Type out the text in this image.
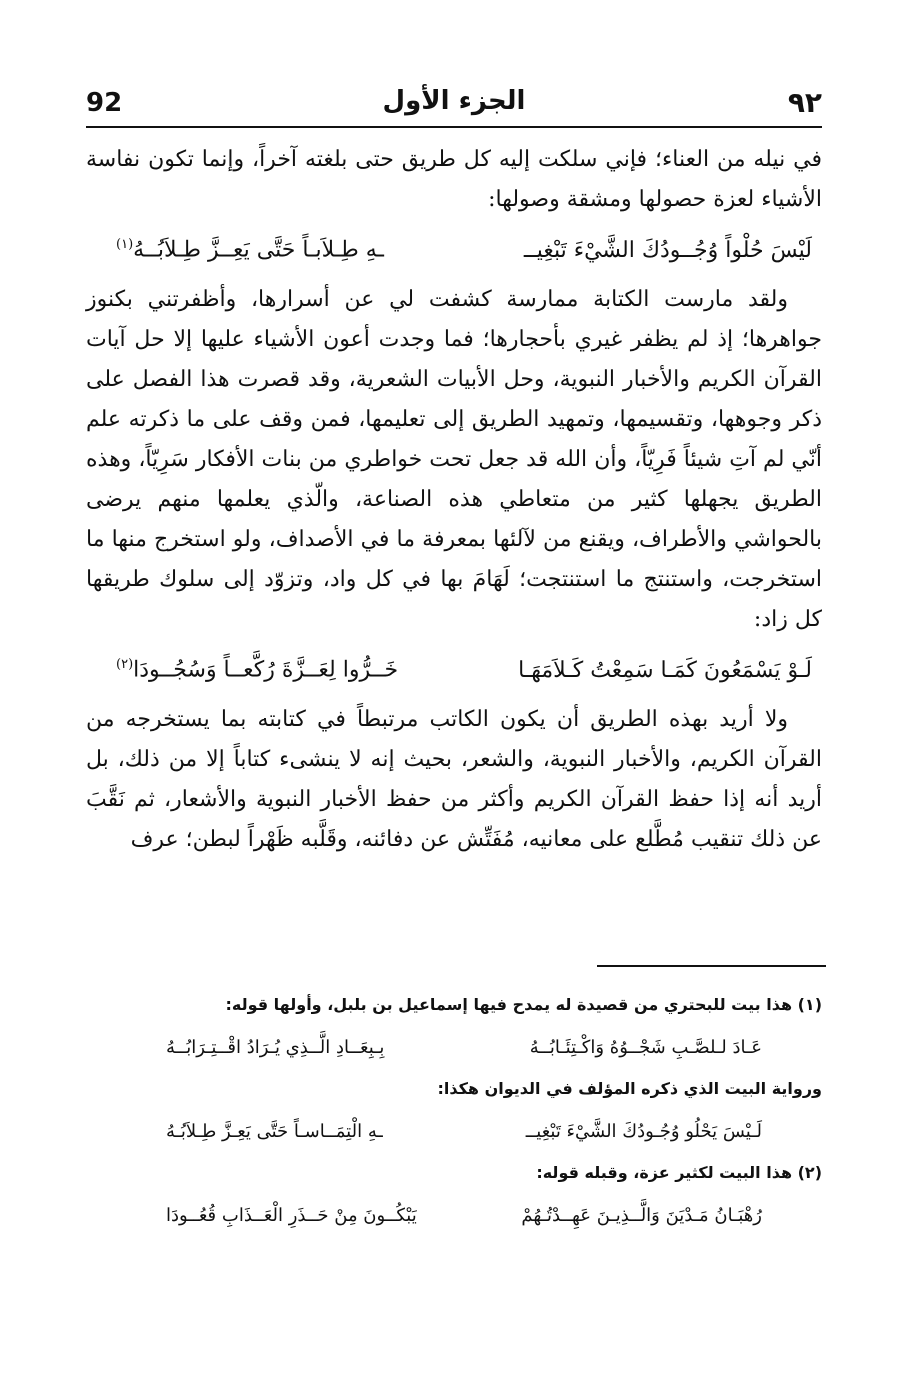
92	الجزء الأول	٩٢

في نيله من العناء؛ فإني سلكت إليه كل طريق حتى بلغته آخراً، وإنما تكون نفاسة الأشياء لعزة حصولها ومشقة وصولها:

لَيْسَ حُلْواً وُجُــودُكَ الشَّيْءَ تَبْغِيــ
ـهِ طِـلاَبـاً حَتَّى يَعِــزَّ طِـلاَبُــهُ$^{(١)}$

ولقد مارست الكتابة ممارسة كشفت لي عن أسرارها، وأظفرتني بكنوز جواهرها؛ إذ لم يظفر غيري بأحجارها؛ فما وجدت أعون الأشياء عليها إلا حل آيات القرآن الكريم والأخبار النبوية، وحل الأبيات الشعرية، وقد قصرت هذا الفصل على ذكر وجوهها، وتقسيمها، وتمهيد الطريق إلى تعليمها، فمن وقف على ما ذكرته علم أنّي لم آتِ شيئاً فَرِيّاً، وأن الله قد جعل تحت خواطري من بنات الأفكار سَرِيّاً، وهذه الطريق يجهلها كثير من متعاطي هذه الصناعة، والّذي يعلمها منهم يرضى بالحواشي والأطراف، ويقنع من لآلئها بمعرفة ما في الأصداف، ولو استخرج منها ما استخرجت، واستنتج ما استنتجت؛ لَهَامَ بها في كل واد، وتزوّد إلى سلوك طريقها كل زاد:

لَـوْ يَسْمَعُونَ كَمَـا سَمِعْتُ كَـلاَمَهَـا
خَــرُّوا لِعَــزَّةَ رُكَّعــاً وَسُجُــودَا$^{(٢)}$

ولا أريد بهذه الطريق أن يكون الكاتب مرتبطاً في كتابته بما يستخرجه من القرآن الكريم، والأخبار النبوية، والشعر، بحيث إنه لا ينشىء كتاباً إلا من ذلك، بل أريد أنه إذا حفظ القرآن الكريم وأكثر من حفظ الأخبار النبوية والأشعار، ثم نَقَّبَ عن ذلك تنقيب مُطَّلع على معانيه، مُفَتِّش عن دفائنه، وقَلَّبه ظَهْراً لبطن؛ عرف

(١) هذا بيت للبحتري من قصيدة له يمدح فيها إسماعيل بن بلبل، وأولها قوله:

عَـادَ لـلصَّـبِ شَجْــوُهُ وَاكْـتِئَـابُــهُ
بِـبِعَــادِ الَّــذِي يُـرَادُ اقْــتِـرَابُــهُ

ورواية البيت الذي ذكره المؤلف في الديوان هكذا:

لَـيْسَ يَحْلُو وُجُـودُكَ الشَّيْءَ تَبْغِيــ
ـهِ الْتِمَــاسـاً حَتَّى يَعِـزَّ طِـلاَبُـهُ

(٢) هذا البيت لكثير عزة، وقبله قوله:

رُهْبَـانُ مَـدْيَنَ وَالَّــذِيـنَ عَهِــدْتُـهُمْ
يَبْكُــونَ مِنْ حَــذَرِ الْعَــذَابِ قُعُــودَا
